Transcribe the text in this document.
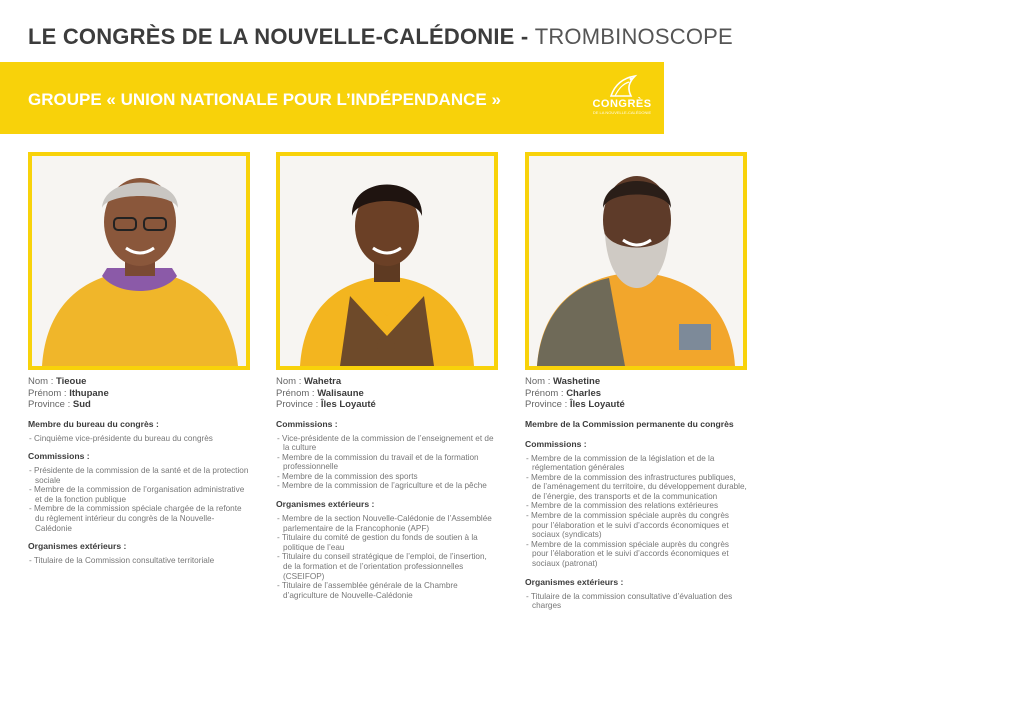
LE CONGRÈS DE LA NOUVELLE-CALÉDONIE - TROMBINOSCOPE
GROUPE « UNION NATIONALE POUR L’INDÉPENDANCE »	CONGRÈS
DE LA NOUVELLE-CALÉDONIE
Nom : Tieoue
Prénom : Ithupane
Province : Sud
Membre du bureau du congrès :
- Cinquième vice-présidente du bureau du congrès
Commissions :
- Présidente de la commission de la santé et de la protection sociale
- Membre de la commission de l’organisation administrative et de la fonction publique
- Membre de la commission spéciale chargée de la refonte du règlement intérieur du congrès de la Nouvelle-Calédonie
Organismes extérieurs :
- Titulaire de la Commission consultative territoriale
Nom : Wahetra
Prénom : Walisaune
Province : Îles Loyauté
Commissions :
- Vice-présidente de la commission de l’enseignement et de la culture
- Membre de la commission du travail et de la formation professionnelle
- Membre de la commission des sports
- Membre de la commission de l’agriculture et de la pêche
Organismes extérieurs :
- Membre de la section Nouvelle-Calédonie de l’Assemblée parlementaire de la Francophonie (APF)
- Titulaire du comité de gestion du fonds de soutien à la politique de l’eau
- Titulaire du conseil stratégique de l’emploi, de l’insertion, de la formation et de l’orientation professionnelles (CSEIFOP)
- Titulaire de l’assemblée générale de la Chambre d’agriculture de Nouvelle-Calédonie
Nom : Washetine
Prénom : Charles
Province : Îles Loyauté
Membre de la Commission permanente du congrès
Commissions :
- Membre de la commission de la législation et de la réglementation générales
- Membre de la commission des infrastructures publiques, de l’aménagement du territoire, du développement durable, de l’énergie, des transports et de la communication
- Membre de la commission des relations extérieures
- Membre de la commission spéciale auprès du congrès pour l’élaboration et le suivi d’accords économiques et sociaux (syndicats)
- Membre de la commission spéciale auprès du congrès pour l’élaboration et le suivi d’accords économiques et sociaux (patronat)
Organismes extérieurs :
- Titulaire de la commission consultative d’évaluation des charges
